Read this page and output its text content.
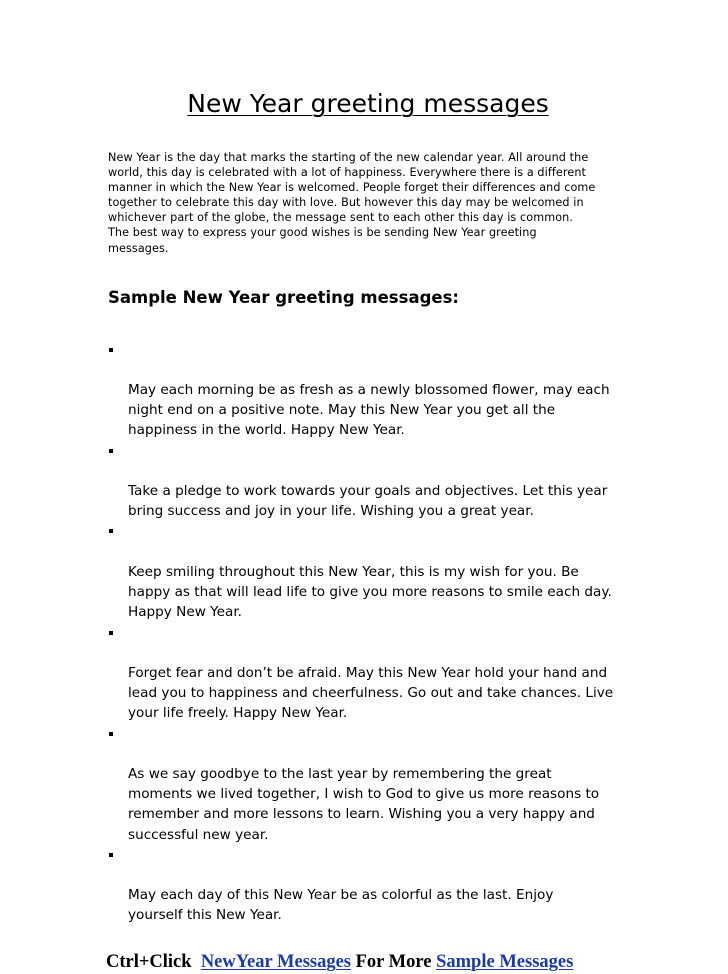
New Year greeting messages

New Year is the day that marks the starting of the new calendar year. All around the
world, this day is celebrated with a lot of happiness. Everywhere there is a different
manner in which the New Year is welcomed. People forget their differences and come
together to celebrate this day with love. But however this day may be welcomed in
whichever part of the globe, the message sent to each other this day is common.
The best way to express your good wishes is be sending New Year greeting
messages.

Sample New Year greeting messages:

May each morning be as fresh as a newly blossomed flower, may each
night end on a positive note. May this New Year you get all the
happiness in the world. Happy New Year.

Take a pledge to work towards your goals and objectives. Let this year
bring success and joy in your life. Wishing you a great year.

Keep smiling throughout this New Year, this is my wish for you. Be
happy as that will lead life to give you more reasons to smile each day.
Happy New Year.

Forget fear and don’t be afraid. May this New Year hold your hand and
lead you to happiness and cheerfulness. Go out and take chances. Live
your life freely. Happy New Year.

As we say goodbye to the last year by remembering the great
moments we lived together, I wish to God to give us more reasons to
remember and more lessons to learn. Wishing you a very happy and
successful new year.

May each day of this New Year be as colorful as the last. Enjoy
yourself this New Year.

Ctrl+Click  NewYear Messages For More Sample Messages
